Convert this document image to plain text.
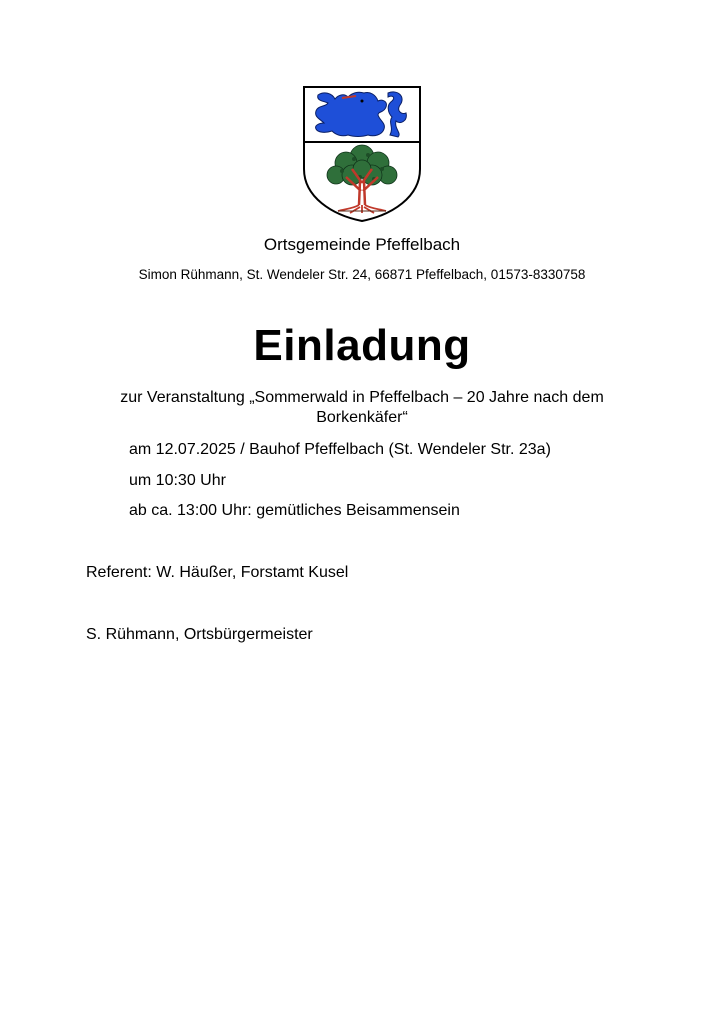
Ortsgemeinde Pfeffelbach
Simon Rühmann, St. Wendeler Str. 24, 66871 Pfeffelbach, 01573-8330758
Einladung
zur Veranstaltung „Sommerwald in Pfeffelbach – 20 Jahre nach dem Borkenkäfer“
am 12.07.2025 / Bauhof Pfeffelbach (St. Wendeler Str. 23a)
um 10:30 Uhr
ab ca. 13:00 Uhr: gemütliches Beisammensein
Referent: W. Häußer, Forstamt Kusel
S. Rühmann, Ortsbürgermeister
